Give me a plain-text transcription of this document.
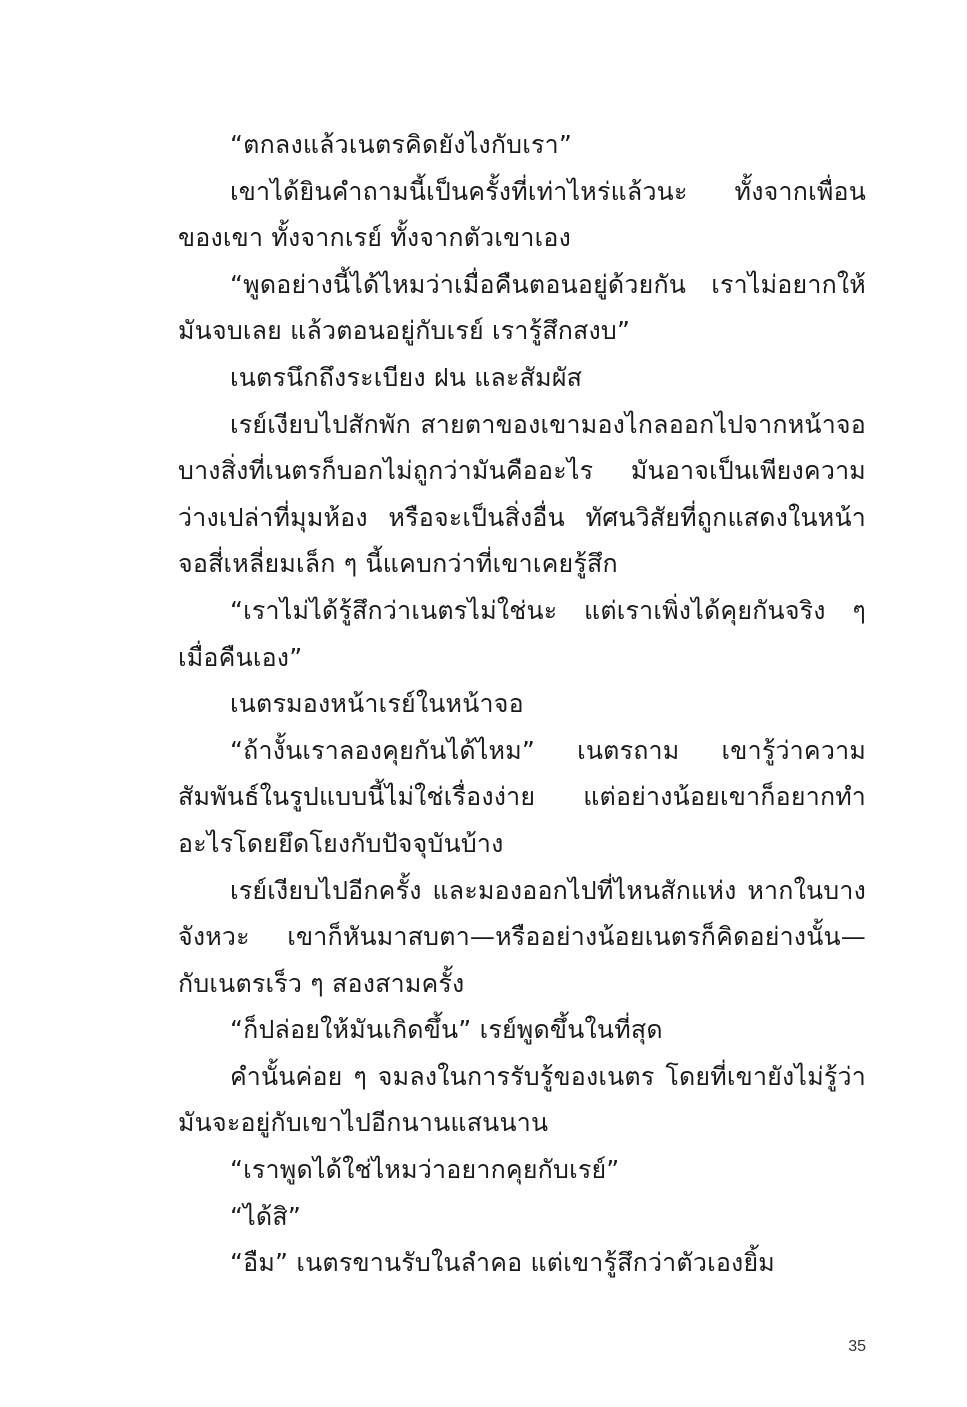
“ตกลงแล้วเนตรคิดยังไงกับเรา”

เขาได้ยินคำถามนี้เป็นครั้งที่เท่าไหร่แล้วนะ ทั้งจากเพื่อนของเขา ทั้งจากเรย์ ทั้งจากตัวเขาเอง

“พูดอย่างนี้ได้ไหมว่าเมื่อคืนตอนอยู่ด้วยกัน เราไม่อยากให้มันจบเลย แล้วตอนอยู่กับเรย์ เรารู้สึกสงบ”

เนตรนึกถึงระเบียง ฝน และสัมผัส

เรย์เงียบไปสักพัก สายตาของเขามองไกลออกไปจากหน้าจอ บางสิ่งที่เนตรก็บอกไม่ถูกว่ามันคืออะไร มันอาจเป็นเพียงความว่างเปล่าที่มุมห้อง หรือจะเป็นสิ่งอื่น ทัศนวิสัยที่ถูกแสดงในหน้าจอสี่เหลี่ยมเล็ก ๆ นี้แคบกว่าที่เขาเคยรู้สึก

“เราไม่ได้รู้สึกว่าเนตรไม่ใช่นะ แต่เราเพิ่งได้คุยกันจริง ๆ เมื่อคืนเอง”

เนตรมองหน้าเรย์ในหน้าจอ

“ถ้างั้นเราลองคุยกันได้ไหม” เนตรถาม เขารู้ว่าความสัมพันธ์ในรูปแบบนี้ไม่ใช่เรื่องง่าย แต่อย่างน้อยเขาก็อยากทำอะไรโดยยึดโยงกับปัจจุบันบ้าง

เรย์เงียบไปอีกครั้ง และมองออกไปที่ไหนสักแห่ง หากในบางจังหวะ เขาก็หันมาสบตา—หรืออย่างน้อยเนตรก็คิดอย่างนั้น—กับเนตรเร็ว ๆ สองสามครั้ง

“ก็ปล่อยให้มันเกิดขึ้น” เรย์พูดขึ้นในที่สุด

คำนั้นค่อย ๆ จมลงในการรับรู้ของเนตร โดยที่เขายังไม่รู้ว่ามันจะอยู่กับเขาไปอีกนานแสนนาน

“เราพูดได้ใช่ไหมว่าอยากคุยกับเรย์”

“ได้สิ”

“อืม” เนตรขานรับในลำคอ แต่เขารู้สึกว่าตัวเองยิ้ม

35
